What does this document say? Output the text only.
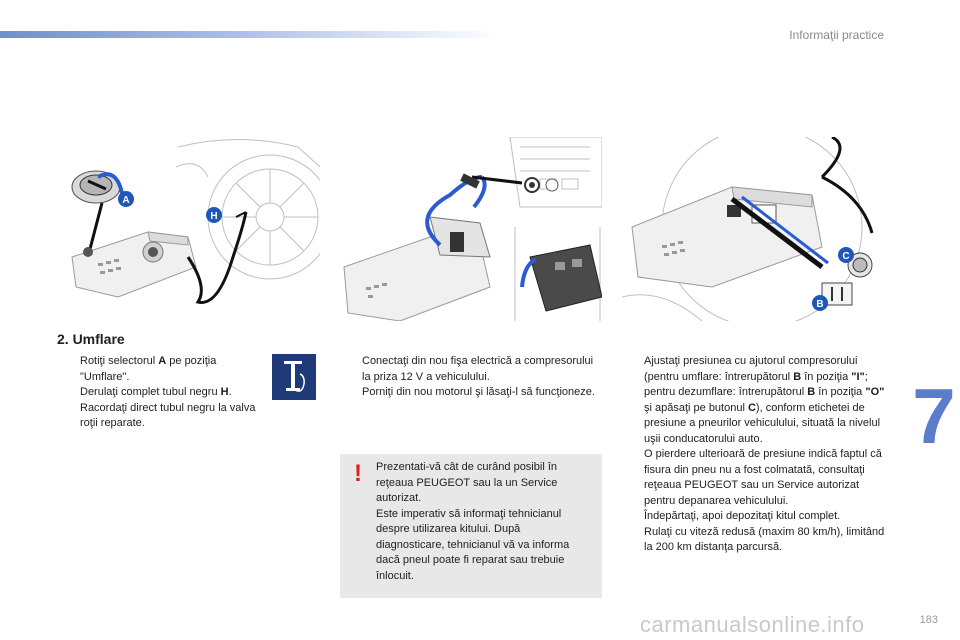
Informaţii practice
7
A
H
C
B
2. Umflare
Rotiţi selectorul A pe poziţia "Umflare".
Derulaţi complet tubul negru H.
Racordaţi direct tubul negru la valva roţii reparate.
Conectaţi din nou fişa electrică a compresorului la priza 12 V a vehiculului.
Porniţi din nou motorul şi lăsaţi-l să funcţioneze.
! Prezentati-vă cât de curând posibil în reţeaua PEUGEOT sau la un Service autorizat.
Este imperativ să informaţi tehnicianul despre utilizarea kitului. După diagnosticare, tehnicianul vă va informa dacă pneul poate fi reparat sau trebuie înlocuit.
Ajustaţi presiunea cu ajutorul compresorului (pentru umflare: întrerupătorul B în poziţia "I"; pentru dezumflare: întrerupătorul B în poziţia "O" şi apăsaţi pe butonul C), conform etichetei de presiune a pneurilor vehiculului, situată la nivelul uşii conducatorului auto.
O pierdere ulterioară de presiune indică faptul că fisura din pneu nu a fost colmatată, consultaţi reţeaua PEUGEOT sau un Service autorizat pentru depanarea vehiculului.
Îndepărtaţi, apoi depozitaţi kitul complet.
Rulaţi cu viteză redusă (maxim 80 km/h), limitând la 200 km distanţa parcursă.
carmanualsonline.info	183
